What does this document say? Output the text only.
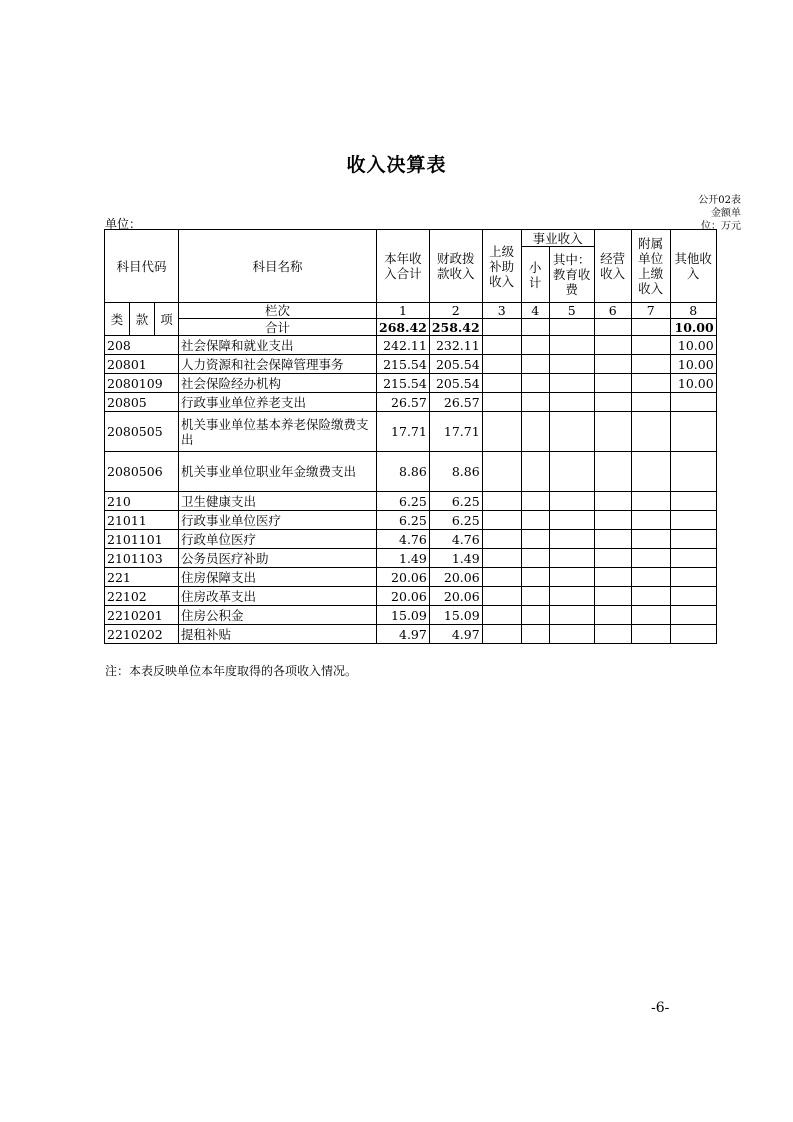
收入决算表
公开02表
金额单
位：万元
单位：
科目代码			科目名称	本年收入合计	财政拨款收入	上级补助收入	事业收入		经营收入	附属单位上缴收入	其他收入
							小计	其中：教育收费			

类	款	项	栏次	1	2	3	4	5	6	7	8
			合计	268.42	258.42						10.00
208			社会保障和就业支出	242.11	232.11						10.00
20801			人力资源和社会保障管理事务	215.54	205.54						10.00
2080109			社会保险经办机构	215.54	205.54						10.00
20805			行政事业单位养老支出	26.57	26.57						
2080505			机关事业单位基本养老保险缴费支出	17.71	17.71						
2080506			机关事业单位职业年金缴费支出	8.86	8.86						
210			卫生健康支出	6.25	6.25						
21011			行政事业单位医疗	6.25	6.25						
2101101			行政单位医疗	4.76	4.76						
2101103			公务员医疗补助	1.49	1.49						
221			住房保障支出	20.06	20.06						
22102			住房改革支出	20.06	20.06						
2210201			住房公积金	15.09	15.09						
2210202			提租补贴	4.97	4.97						
注：本表反映单位本年度取得的各项收入情况。
-6-
